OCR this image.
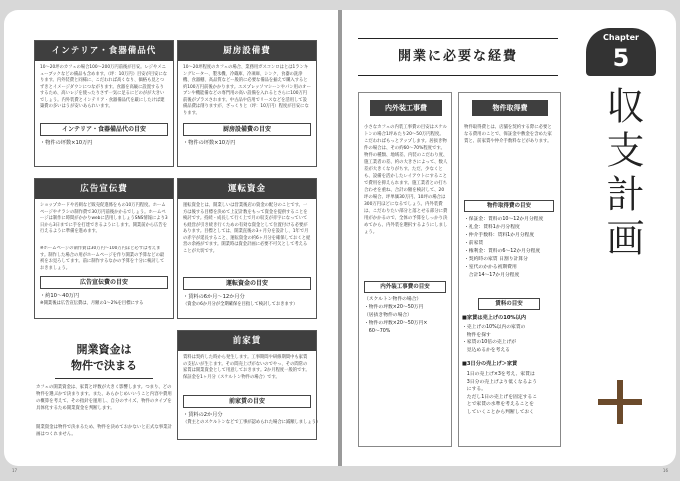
インテリア・食器備品代
10～20坪のカフェの場合100～200万円前後が目安。レジやメニューブックなどの備品も含めます。（坪：10万円）目安が目安になります。内外装費と同様に、こだわれば高くなり、価格も見とつずきとイメージダウンにつながります。食器を高級に設置するりするため、高いレジを使ったりさず一気に足るにどのがが大きいでしょう。内外装費とインテリア・食器備品代を厳にしたけば建築費の多いはうが安いあられいます。
インテリア・食器備品代の目安
・物件の坪数×10万円
厨房設備費
10～20坪程度のカフェの場合、業務用ガスコンロはとは1ランキングヒーター、製氷機、冷蔵庫、冷凍庫、シンク、食器の洗浄機、食器棚、高品質などー般的に必要な備品を揃えで購入すると約100万円前後かかります。エスプレッソマシーンやパン用のオーブンや機能備などの専門用の高い設備を入れるとさらに100万円前後がプラスされます。中古品や信用でリースなどを活用して設備品費は削りますが、ざっくりと（坪：10万円）程度が目安になります。
厨房設備費の目安
・物件の坪数×10万円
広告宣伝費
ショップカードや名刺など販売促進係をもの10万円程度。ホームページやチラシの制作費で30万円前後かかるでしょう。ホームページは制作に時間がかかりwebに活用しましょうSNS情報により3日から3日までに手を打達できるようにします。開業前から広告を行えるように準備を進めます。
※ホームページの制作費は30万円～100万円ほど必ずは考えます。制作した場合の用がホームページを作り開業の予算などの最初をお見ろしてます。前に制作するなかの予算を十分に検討しておきましょう。
広告宣伝費の目安
・約10～40万円
※開業後は広告宣伝費は、月額の1～2%を目標にする
運転資金
運転資金とは、開業しいは営業後店の資金の配分のことです。一方は後する目標を決めて上記計数をもって資金を提供することを検討です。持続・成長して行く上で月の収支が赤字になっていても経営が引き続き行くための有効な資金として位置付ける必要があります。目標としては、開業直後の3ヶ月分を設計し、1年で月の赤字が延長すること、運転資金の約6ヶ月分を確保しておくと経営の余裕がでます。開業時は資金計画に必要不可欠として考えることが大切です。
運転資金の目安
・賃料の6か月～12か月分
（資金の6か月分が全期確保を目指して検討しておきます）
前家賃
賃料は契約した時から発生します。工事期間や研修期間中も家賃の支払いが生じます。その間売上げがないのでやっ、その間常の家賃は開業資金として用意しておきます。2か月程度一般的です。保証金を1ヶ月分（スケルトン物件の場合）です。
前家賃の目安
・賃料の2か月分
（貸主とのスケルトンなどで工事が認められた場合に減額しましょう）
開業資金は
物件で決まる
カフェの開業資金は、家賃と坪数が大きく影響します。つまり、どの物件を選ぶかで決まります。また、あらかじめいいうこと内容や費用の概算を考えて、その指針を運用し、自分のサイズ、物件のタイプを具体化するため開業資金を判断します。
開業資金は物件で決まるため、物件を決めておかないと正式な事業計画はつくれません。
17
開業に必要な経費
内外装工事費
小さなカフェの内装工事費の目安はスケルトンの場合1坪あたり20～50万円程度。こだわればもっとアップします。居抜き物件の場合は、その約60～70%程度です。物件の種類、地域差、内装のこだわり度、施工業者の差、約の大きさによって、数人差が大きくなりがちす。ただ、少なくとも、設備を活かしたレイアウトにすることで費用を抑えられます。施工業者との打ち合わせを重ね、合計の額を検討して、20坪の場合、坪単価30万円、10坪の場合は300万円ほどになるでしょう。内外装費は、こだわりたい部分と落とせる部分に費用がかかるので、全体の予算をしっかり決めてから、内外装を選択するようにしましょう。
内外装工事費の目安
（スケルトン物件の場合）
・物件の坪数×20～50万円
（居抜き物件の場合）
・物件の坪数×20～50万円×
　60～70%
物件取得費
物件取得費とは、店舗を契約する際に必要となる費用のことで、保証金や敷金を含めた家賃と、前家賃や仲介手数料などがあります。
物件取得費の目安
・保証金：賃料の10～12か月分程度
・礼金：賃料1か月分程度
・仲介手数料：賃料1か月分程度
・前家賃
・権利金：賃料の6～12か月分程度
・契約時の家賃 日割り計算分
・室代のかかる初期費用
　合計14～17か月分程度
賃料の目安
■家賃は売上げの10%以内
・売上げの10%以内の家賃の
　物件を探す
・家賃の10倍の売上げが
　見込めるかを考える
■3日分の売上げ＞家賃
　1日の売上げ×3を考え、家賃は
　3日分の売上げより低くなるよう
　にする。
　ただし1日の売上げを固定するこ
　とで家賃の水準を考えることを
　していくことから判断しておく
Chapter
5
収支計画
16
